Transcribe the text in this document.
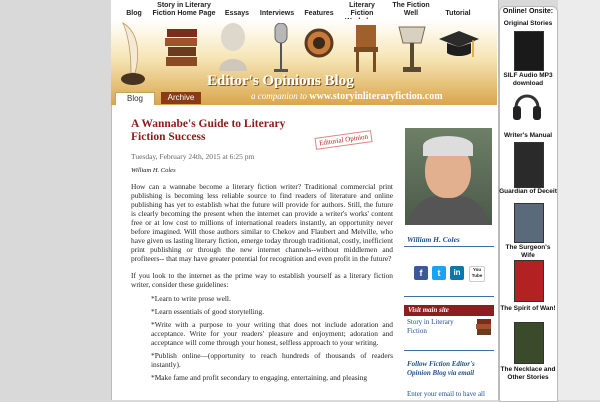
Blog
Story in Literary Fiction Home Page	Essays	Interviews	Features
Literary Fiction
The Fiction Well	Tutorial
Editor's Opinions Blog
a companion to www.storyinliteraryfiction.com
Blog	Archive
A Wannabe's Guide to Literary Fiction Success	Editorial Opinion
Tuesday, February 24th, 2015 at 6:25 pm
William H. Coles
How can a wannabe become a literary fiction writer? Traditional commercial print publishing is becoming less reliable source to find readers of literature and online publishing has yet to establish what the future will provide for authors. Still, the future is clearly becoming the present when the internet can provide a writer's works' content free or at low cost to millions of international readers instantly, an opportunity never before imagined. Will those authors similar to Chekov and Flaubert and Melville, who have given us lasting literary fiction, emerge today through traditional, costly, inefficient print publishing or through the new internet channels--without middlemen and profiteers-- that may have greater potential for recognition and even profit in the future?
If you look to the internet as the prime way to establish yourself as a literary fiction writer, consider these guidelines:
*Learn to write prose well.
*Learn essentials of good storytelling.
*Write with a purpose to your writing that does not include adoration and acceptance. Write for your readers' pleasure and enjoyment; adoration and acceptance will come through your honest, selfless approach to your writing.
*Publish online—(opportunity to reach hundreds of thousands of readers instantly).
*Make fame and profit secondary to engaging, entertaining, and pleasing
William H. Coles
f	t	in	You Tube
Visit main site
Story in Literary Fiction
Follow Fiction Editor's Opinion Blog via email
Enter your email to have all
Online! Onsite:
Original Stories
SILF Audio MP3 download
Writer's Manual
Guardian of Deceit
The Surgeon's Wife
The Spirit of Wan!
The Necklace and Other Stories
